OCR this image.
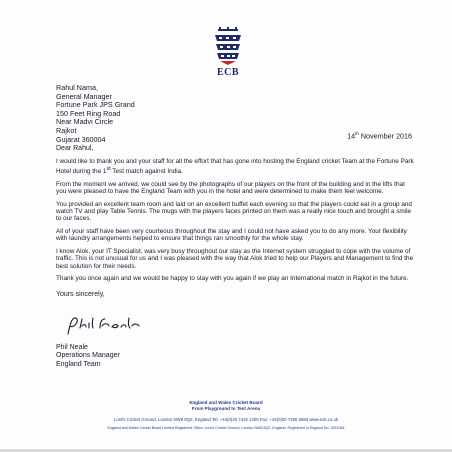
ECB
Rahul Nama,
General Manager
Fortune Park JPS Grand
150 Feet Ring Road
Near Madvi Circle
Rajkot
Gujarat 360004	14th November 2016

Dear Rahul,

I would like to thank you and your staff for all the effort that has gone into hosting the England cricket Team at the Fortune Park Hotel during the 1st Test match against India.

From the moment we arrived, we could see by the photographs of our players on the front of the building and in the lifts that you were pleased to have the England Team with you in the hotel and were determined to make them feel welcome.

You provided an excellent team room and laid on an excellent buffet each evening so that the players could eat in a group and watch TV and play Table Tennis. The mugs with the players faces printed on them was a really nice touch and brought a smile to our faces.

All of your staff have been very courteous throughout the stay and I could not have asked you to do any more. Your flexibility with laundry arrangements helped to ensure that things ran smoothly for the whole stay.

I know Alok, your IT Specialist, was very busy throughout our stay as the Internet system struggled to cope with the volume of traffic. This is not unusual for us and I was pleased with the way that Alok tried to help our Players and Management to find the best solution for their needs.

Thank you once again and we would be happy to stay with you again if we play an International match in Rajkot in the future.

Yours sincerely,

Phil Neale
Operations Manager
England Team
England and Wales Cricket Board
From Playground to Test Arena
Lord's Cricket Ground, London NW8 8QZ, England Tel: +44(0)20 7432 1200 Fax: +44(0)20 7286 5583 www.ecb.co.uk
England and Wales Cricket Board Limited Registered Office: Lord's Cricket Ground, London NW8 8QZ, England. Registered in England No. 3251364
